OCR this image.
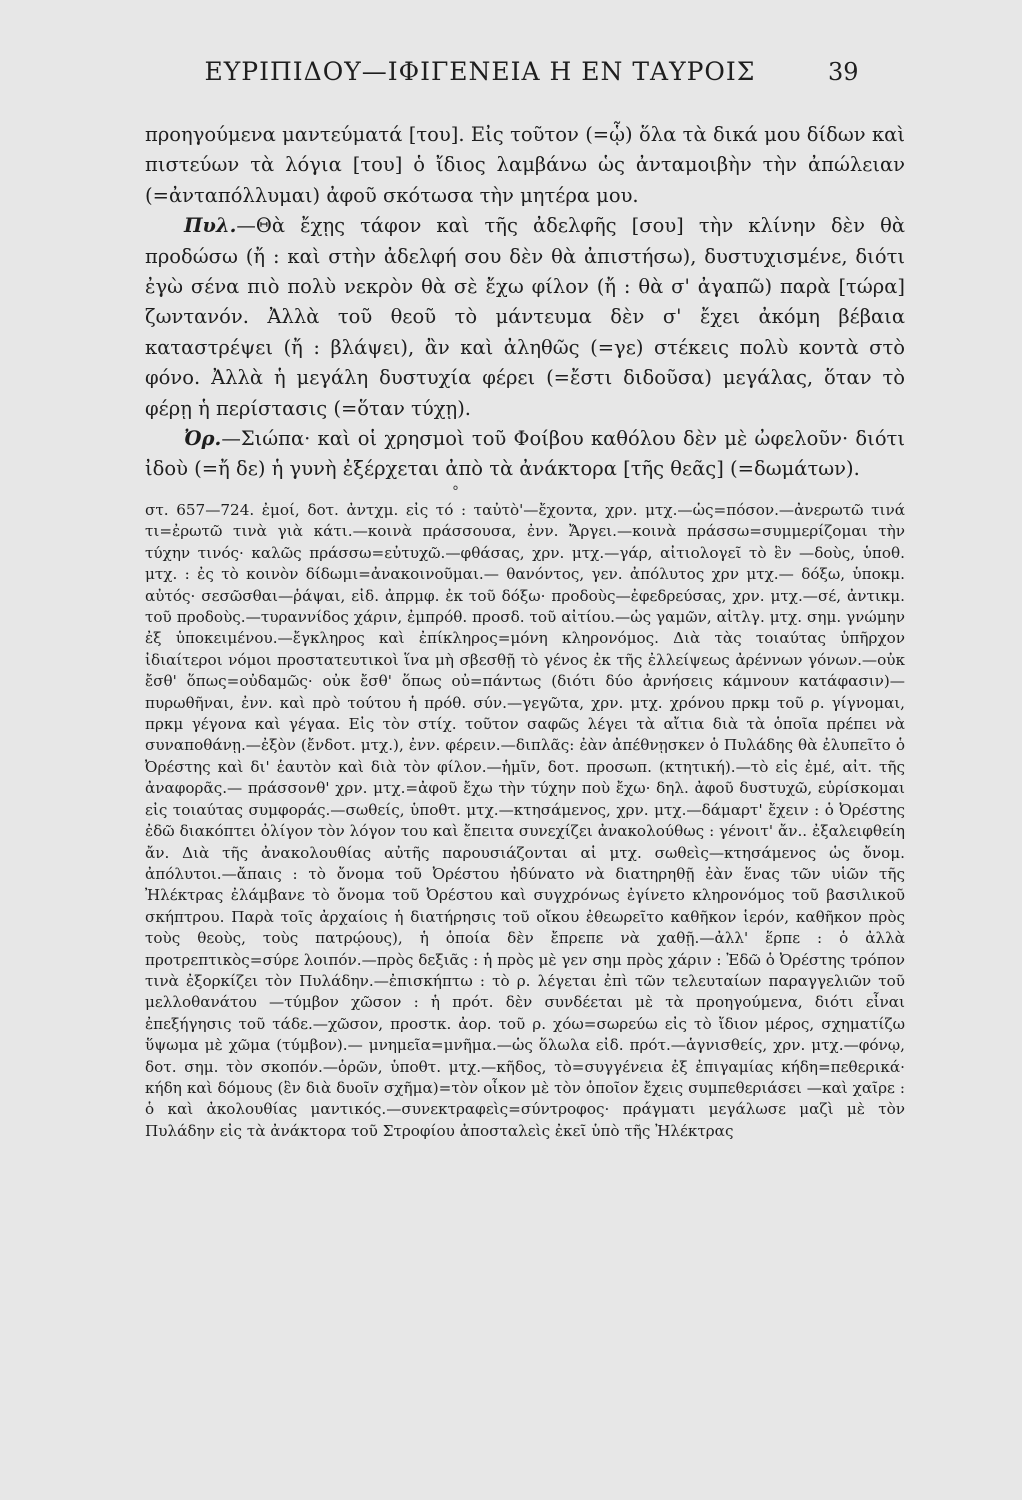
ΕΥΡΙΠΙΔΟΥ—ΙΦΙΓΕΝΕΙΑ Η ΕΝ ΤΑΥΡΟΙΣ	39

προηγούμενα μαντεύματά [του]. Εἰς τοῦτον (=ᾧ) ὅλα τὰ δικά μου δίδων καὶ πιστεύων τὰ λόγια [του] ὁ ἴδιος λαμβάνω ὡς ἀνταμοιβὴν τὴν ἀπώλειαν (=ἀνταπόλλυμαι) ἀφοῦ σκότωσα τὴν μητέρα μου.

Πυλ.—Θὰ ἔχῃς τάφον καὶ τῆς ἀδελφῆς [σου] τὴν κλίνην δὲν θὰ προδώσω (ἤ : καὶ στὴν ἀδελφή σου δὲν θὰ ἀπιστήσω), δυστυχισμένε, διότι ἐγὼ σένα πιὸ πολὺ νεκρὸν θὰ σὲ ἔχω φίλον (ἤ : θὰ σ' ἀγαπῶ) παρὰ [τώρα] ζωντανόν. Ἀλλὰ τοῦ θεοῦ τὸ μάντευμα δὲν σ' ἔχει ἀκόμη βέβαια καταστρέψει (ἤ : βλάψει), ἂν καὶ ἀληθῶς (=γε) στέκεις πολὺ κοντὰ στὸ φόνο. Ἀλλὰ ἡ μεγάλη δυστυχία φέρει (=ἔστι διδοῦσα) μεγάλας, ὅταν τὸ φέρῃ ἡ περίστασις (=ὅταν τύχῃ).

Ὀρ.—Σιώπα· καὶ οἱ χρησμοὶ τοῦ Φοίβου καθόλου δὲν μὲ ὠφελοῦν· διότι ἰδοὺ (=ἤ δε) ἡ γυνὴ ἐξέρχεται ἀπὸ τὰ ἀνάκτορα [τῆς θεᾶς] (=δωμάτων).

°

στ. 657—724. ἐμοί, δοτ. ἀντχμ. εἰς τό : ταὐτὸ'—ἔχοντα, χρν. μτχ.—ὡς=πόσον.—ἀνερωτῶ τινά τι=ἐρωτῶ τινὰ γιὰ κάτι.—κοινὰ πράσσουσα, ἐνν. Ἄργει.—κοινὰ πράσσω=συμμερίζομαι τὴν τύχην τινός· καλῶς πράσσω=εὐτυχῶ.—φθάσας, χρν. μτχ.—γάρ, αἰτιολογεῖ τὸ ἓν —δοὺς, ὑποθ. μτχ. : ἐς τὸ κοινὸν δίδωμι=ἀνακοινοῦμαι.— θανόντος, γεν. ἀπόλυτος χρν μτχ.— δόξω, ὑποκμ. αὐτός· σεσῶσθαι—ῥάψαι, εἰδ. ἀπρμφ. ἐκ τοῦ δόξω· προδοὺς—ἐφεδρεύσας, χρν. μτχ.—σέ, ἀντικμ. τοῦ προδοὺς.—τυραννίδος χάριν, ἐμπρόθ. προσδ. τοῦ αἰτίου.—ὡς γαμῶν, αἰτλγ. μτχ. σημ. γνώμην ἐξ ὑποκειμένου.—ἔγκληρος καὶ ἐπίκληρος=μόνη κληρονόμος. Διὰ τὰς τοιαύτας ὑπῆρχον ἰδιαίτεροι νόμοι προστατευτικοὶ ἵνα μὴ σβεσθῇ τὸ γένος ἐκ τῆς ἐλλείψεως ἀρέννων γόνων.—οὐκ ἔσθ' ὅπως=οὐδαμῶς· οὐκ ἔσθ' ὅπως οὐ=πάντως (διότι δύο ἀρνήσεις κάμνουν κατάφασιν)—πυρωθῆναι, ἐνν. καὶ πρὸ τούτου ἡ πρόθ. σύν.—γεγῶτα, χρν. μτχ. χρόνου πρκμ τοῦ ρ. γίγνομαι, πρκμ γέγονα καὶ γέγαα. Εἰς τὸν στίχ. τοῦτον σαφῶς λέγει τὰ αἴτια διὰ τὰ ὁποῖα πρέπει νὰ συναποθάνῃ.—ἐξὸν (ἔνδοτ. μτχ.), ἐνν. φέρειν.—διπλᾶς: ἐὰν ἀπέθνῃσκεν ὁ Πυλάδης θὰ ἐλυπεῖτο ὁ Ὀρέστης καὶ δι' ἑαυτὸν καὶ διὰ τὸν φίλον.—ἡμῖν, δοτ. προσωπ. (κτητική).—τὸ εἰς ἐμέ, αἰτ. τῆς ἀναφορᾶς.— πράσσονθ' χρν. μτχ.=ἀφοῦ ἔχω τὴν τύχην ποὺ ἔχω· δηλ. ἀφοῦ δυστυχῶ, εὑρίσκομαι εἰς τοιαύτας συμφοράς.—σωθείς, ὑποθτ. μτχ.—κτησάμενος, χρν. μτχ.—δάμαρτ' ἔχειν : ὁ Ὀρέστης ἐδῶ διακόπτει ὀλίγον τὸν λόγον του καὶ ἔπειτα συνεχίζει ἀνακολούθως : γένοιτ' ἄν.. ἐξαλειφθείη ἄν. Διὰ τῆς ἀνακολουθίας αὐτῆς παρουσιάζονται αἱ μτχ. σωθεὶς—κτησάμενος ὡς ὄνομ. ἀπόλυτοι.—ἄπαις : τὸ ὄνομα τοῦ Ὀρέστου ἠδύνατο νὰ διατηρηθῇ ἐὰν ἕνας τῶν υἱῶν τῆς Ἠλέκτρας ἐλάμβανε τὸ ὄνομα τοῦ Ὀρέστου καὶ συγχρόνως ἐγίνετο κληρονόμος τοῦ βασιλικοῦ σκήπτρου. Παρὰ τοῖς ἀρχαίοις ἡ διατήρησις τοῦ οἴκου ἐθεωρεῖτο καθῆκον ἱερόν, καθῆκον πρὸς τοὺς θεοὺς, τοὺς πατρῴους), ἡ ὁποία δὲν ἔπρεπε νὰ χαθῇ.—ἀλλ' ἕρπε : ὁ ἀλλὰ προτρεπτικὸς=σύρε λοιπόν.—πρὸς δεξιᾶς : ἡ πρὸς μὲ γεν σημ πρὸς χάριν : Ἐδῶ ὁ Ὀρέστης τρόπον τινὰ ἐξορκίζει τὸν Πυλάδην.—ἐπισκήπτω : τὸ ρ. λέγεται ἐπὶ τῶν τελευταίων παραγγελιῶν τοῦ μελλοθανάτου —τύμβον χῶσον : ἡ πρότ. δὲν συνδέεται μὲ τὰ προηγούμενα, διότι εἶναι ἐπεξήγησις τοῦ τάδε.—χῶσον, προστκ. ἀορ. τοῦ ρ. χόω=σωρεύω εἰς τὸ ἴδιον μέρος, σχηματίζω ὕψωμα μὲ χῶμα (τύμβον).— μνημεῖα=μνῆμα.—ὡς ὅλωλα εἰδ. πρότ.—ἁγνισθείς, χρν. μτχ.—φόνῳ, δοτ. σημ. τὸν σκοπόν.—ὁρῶν, ὑποθτ. μτχ.—κῆδος, τὸ=συγγένεια ἐξ ἐπιγαμίας κήδη=πεθερικά· κήδη καὶ δόμους (ἓν διὰ δυοῖν σχῆμα)=τὸν οἶκον μὲ τὸν ὁποῖον ἔχεις συμπεθεριάσει —καὶ χαῖρε : ὁ καὶ ἀκολουθίας μαντικός.—συνεκτραφεὶς=σύντροφος· πράγματι μεγάλωσε μαζὶ μὲ τὸν Πυλάδην εἰς τὰ ἀνάκτορα τοῦ Στροφίου ἀποσταλεὶς ἐκεῖ ὑπὸ τῆς Ἠλέκτρας
